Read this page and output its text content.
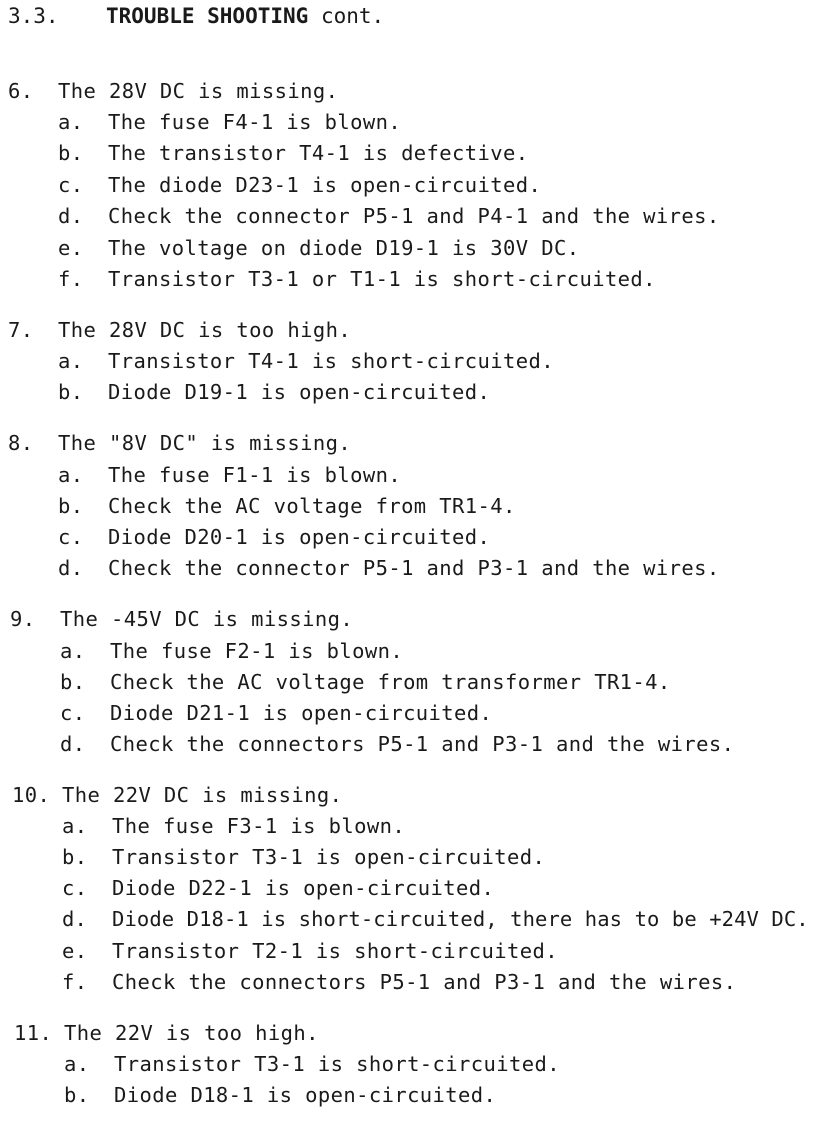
3.3. TROUBLE SHOOTING cont.
6. The 28V DC is missing.
a. The fuse F4-1 is blown.
b. The transistor T4-1 is defective.
c. The diode D23-1 is open-circuited.
d. Check the connector P5-1 and P4-1 and the wires.
e. The voltage on diode D19-1 is 30V DC.
f. Transistor T3-1 or T1-1 is short-circuited.
7. The 28V DC is too high.
a. Transistor T4-1 is short-circuited.
b. Diode D19-1 is open-circuited.
8. The "8V DC" is missing.
a. The fuse F1-1 is blown.
b. Check the AC voltage from TR1-4.
c. Diode D20-1 is open-circuited.
d. Check the connector P5-1 and P3-1 and the wires.
9. The -45V DC is missing.
a. The fuse F2-1 is blown.
b. Check the AC voltage from transformer TR1-4.
c. Diode D21-1 is open-circuited.
d. Check the connectors P5-1 and P3-1 and the wires.
10. The 22V DC is missing.
a. The fuse F3-1 is blown.
b. Transistor T3-1 is open-circuited.
c. Diode D22-1 is open-circuited.
d. Diode D18-1 is short-circuited, there has to be +24V DC.
e. Transistor T2-1 is short-circuited.
f. Check the connectors P5-1 and P3-1 and the wires.
11. The 22V is too high.
a. Transistor T3-1 is short-circuited.
b. Diode D18-1 is open-circuited.
